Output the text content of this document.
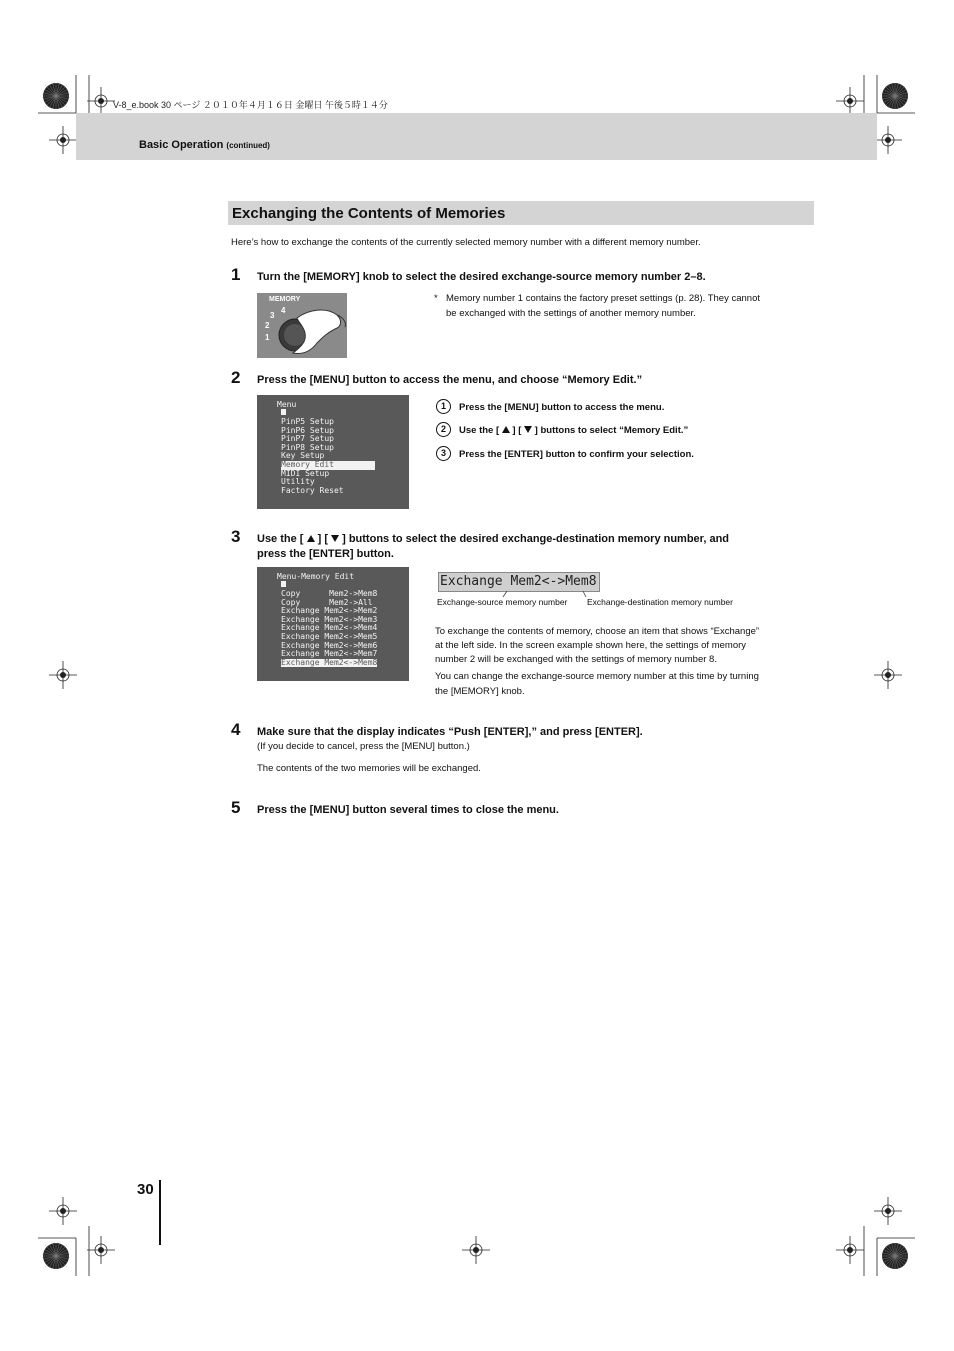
V-8_e.book 30 ページ ２０１０年４月１６日 金曜日 午後５時１４分
Basic Operation (continued)
Exchanging the Contents of Memories
Here’s how to exchange the contents of the currently selected memory number with a different memory number.
1 Turn the [MEMORY] knob to select the desired exchange-source memory number 2–8.
MEMORY
4
3
2
1
* Memory number 1 contains the factory preset settings (p. 28). They cannot
be exchanged with the settings of another memory number.
2 Press the [MENU] button to access the menu, and choose “Memory Edit.”
Menu
PinP5 Setup
PinP6 Setup
PinP7 Setup
PinP8 Setup
Key Setup
Memory Edit
MIDI Setup
Utility
Factory Reset
1	Press the [MENU] button to access the menu.
2	Use the [ ] [ ] buttons to select “Memory Edit.”
3	Press the [ENTER] button to confirm your selection.
3 Use the [ ] [ ] buttons to select the desired exchange-destination memory number, and
press the [ENTER] button.
Menu-Memory Edit
Copy      Mem2->Mem8
Copy      Mem2->All
Exchange Mem2<->Mem2
Exchange Mem2<->Mem3
Exchange Mem2<->Mem4
Exchange Mem2<->Mem5
Exchange Mem2<->Mem6
Exchange Mem2<->Mem7
Exchange Mem2<->Mem8
Exchange Mem2<->Mem8
Exchange-source memory number Exchange-destination memory number
To exchange the contents of memory, choose an item that shows “Exchange”
at the left side. In the screen example shown here, the settings of memory
number 2 will be exchanged with the settings of memory number 8.
You can change the exchange-source memory number at this time by turning
the [MEMORY] knob.
4 Make sure that the display indicates “Push [ENTER],” and press [ENTER].
(If you decide to cancel, press the [MENU] button.)
The contents of the two memories will be exchanged.
5 Press the [MENU] button several times to close the menu.
30
